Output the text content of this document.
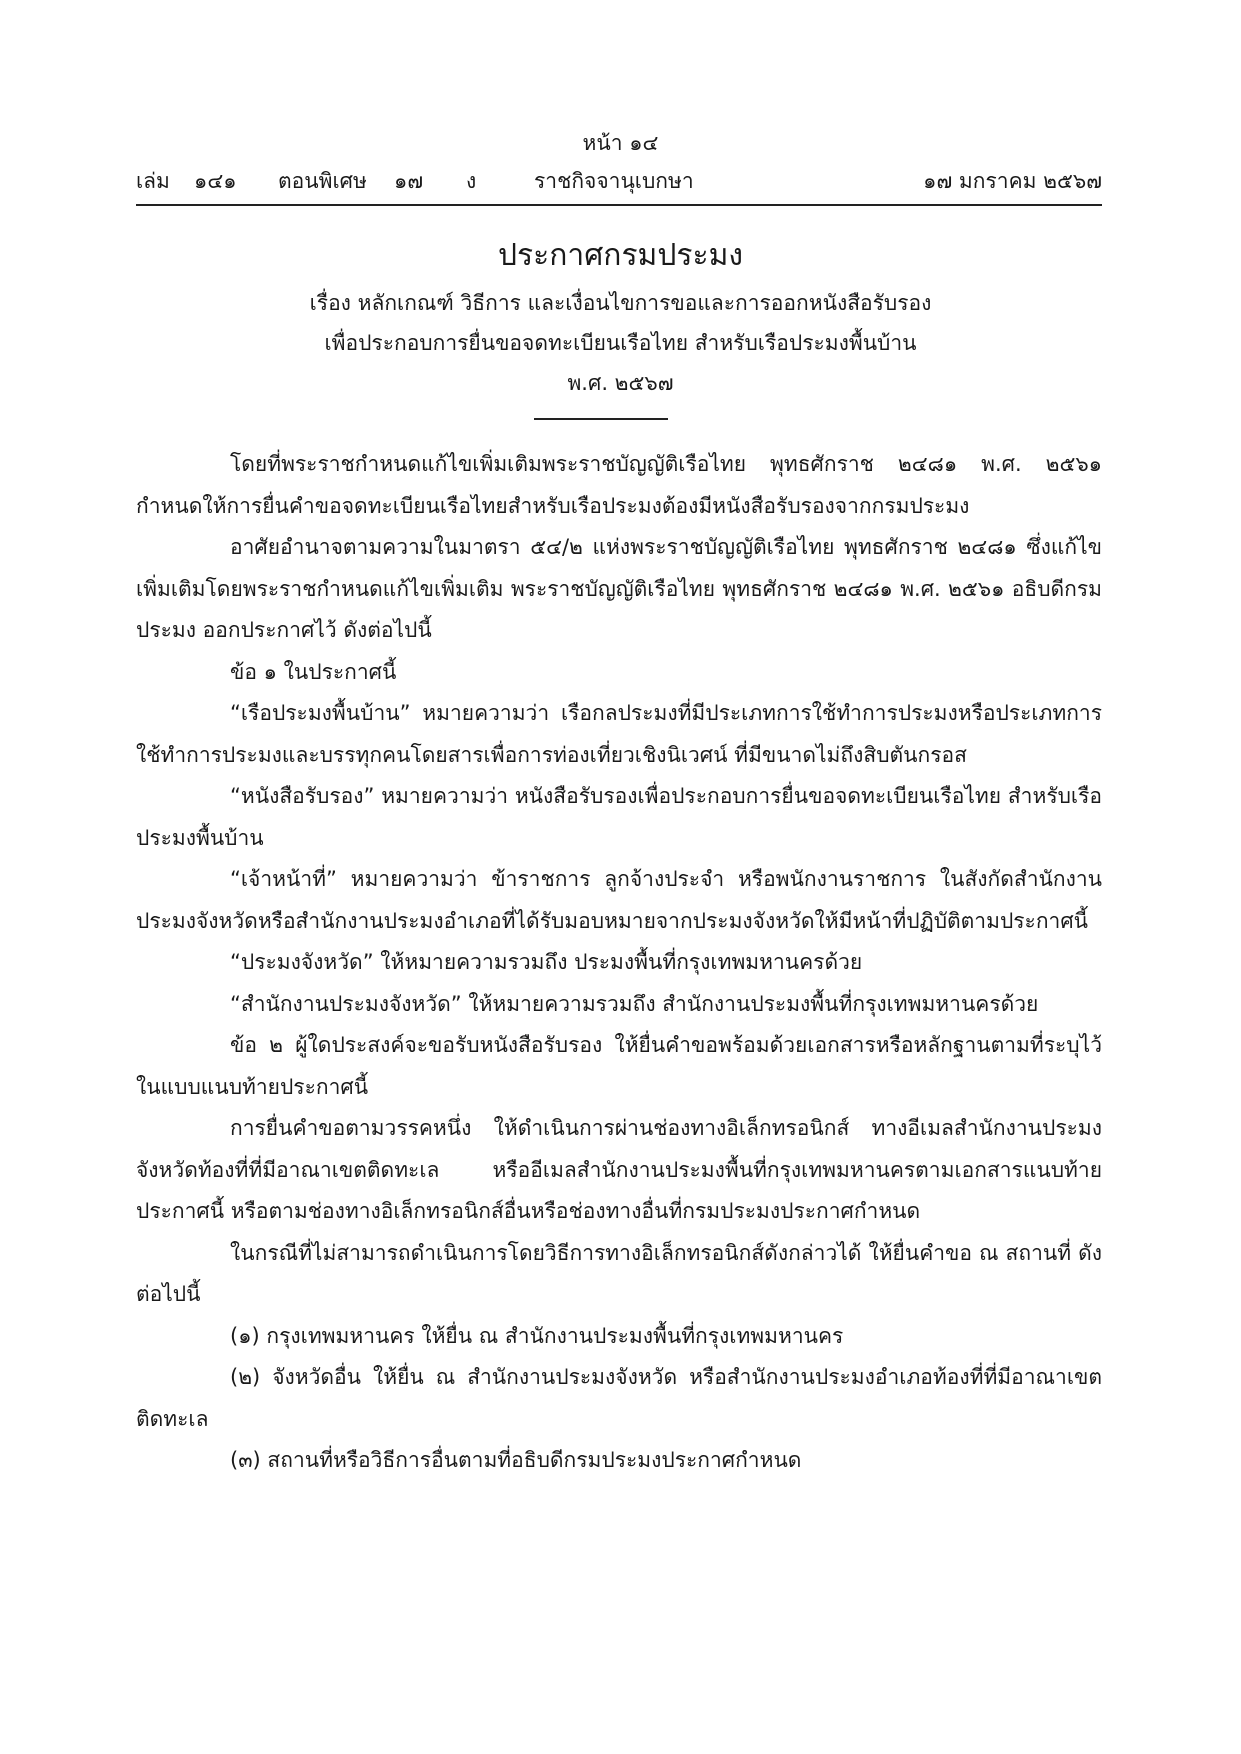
หน้า ๑๔
เล่ม ๑๔๑ ตอนพิเศษ ๑๗ ง	ราชกิจจานุเบกษา	๑๗ มกราคม ๒๕๖๗
ประกาศกรมประมง
เรื่อง หลักเกณฑ์ วิธีการ และเงื่อนไขการขอและการออกหนังสือรับรอง
เพื่อประกอบการยื่นขอจดทะเบียนเรือไทย สำหรับเรือประมงพื้นบ้าน
พ.ศ. ๒๕๖๗

โดยที่พระราชกำหนดแก้ไขเพิ่มเติมพระราชบัญญัติเรือไทย พุทธศักราช ๒๔๘๑ พ.ศ. ๒๕๖๑ กำหนดให้การยื่นคำขอจดทะเบียนเรือไทยสำหรับเรือประมงต้องมีหนังสือรับรองจากกรมประมง

อาศัยอำนาจตามความในมาตรา ๕๔/๒ แห่งพระราชบัญญัติเรือไทย พุทธศักราช ๒๔๘๑ ซึ่งแก้ไขเพิ่มเติมโดยพระราชกำหนดแก้ไขเพิ่มเติม พระราชบัญญัติเรือไทย พุทธศักราช ๒๔๘๑ พ.ศ. ๒๕๖๑ อธิบดีกรมประมง ออกประกาศไว้ ดังต่อไปนี้

ข้อ ๑ ในประกาศนี้

“เรือประมงพื้นบ้าน” หมายความว่า เรือกลประมงที่มีประเภทการใช้ทำการประมงหรือประเภทการใช้ทำการประมงและบรรทุกคนโดยสารเพื่อการท่องเที่ยวเชิงนิเวศน์ ที่มีขนาดไม่ถึงสิบตันกรอส

“หนังสือรับรอง” หมายความว่า หนังสือรับรองเพื่อประกอบการยื่นขอจดทะเบียนเรือไทย สำหรับเรือประมงพื้นบ้าน

“เจ้าหน้าที่” หมายความว่า ข้าราชการ ลูกจ้างประจำ หรือพนักงานราชการ ในสังกัดสำนักงานประมงจังหวัดหรือสำนักงานประมงอำเภอที่ได้รับมอบหมายจากประมงจังหวัดให้มีหน้าที่ปฏิบัติตามประกาศนี้

“ประมงจังหวัด” ให้หมายความรวมถึง ประมงพื้นที่กรุงเทพมหานครด้วย

“สำนักงานประมงจังหวัด” ให้หมายความรวมถึง สำนักงานประมงพื้นที่กรุงเทพมหานครด้วย

ข้อ ๒ ผู้ใดประสงค์จะขอรับหนังสือรับรอง ให้ยื่นคำขอพร้อมด้วยเอกสารหรือหลักฐานตามที่ระบุไว้ในแบบแนบท้ายประกาศนี้

การยื่นคำขอตามวรรคหนึ่ง ให้ดำเนินการผ่านช่องทางอิเล็กทรอนิกส์ ทางอีเมลสำนักงานประมงจังหวัดท้องที่ที่มีอาณาเขตติดทะเล หรืออีเมลสำนักงานประมงพื้นที่กรุงเทพมหานครตามเอกสารแนบท้ายประกาศนี้ หรือตามช่องทางอิเล็กทรอนิกส์อื่นหรือช่องทางอื่นที่กรมประมงประกาศกำหนด

ในกรณีที่ไม่สามารถดำเนินการโดยวิธีการทางอิเล็กทรอนิกส์ดังกล่าวได้ ให้ยื่นคำขอ ณ สถานที่ ดังต่อไปนี้

(๑) กรุงเทพมหานคร ให้ยื่น ณ สำนักงานประมงพื้นที่กรุงเทพมหานคร

(๒) จังหวัดอื่น ให้ยื่น ณ สำนักงานประมงจังหวัด หรือสำนักงานประมงอำเภอท้องที่ที่มีอาณาเขตติดทะเล

(๓) สถานที่หรือวิธีการอื่นตามที่อธิบดีกรมประมงประกาศกำหนด
